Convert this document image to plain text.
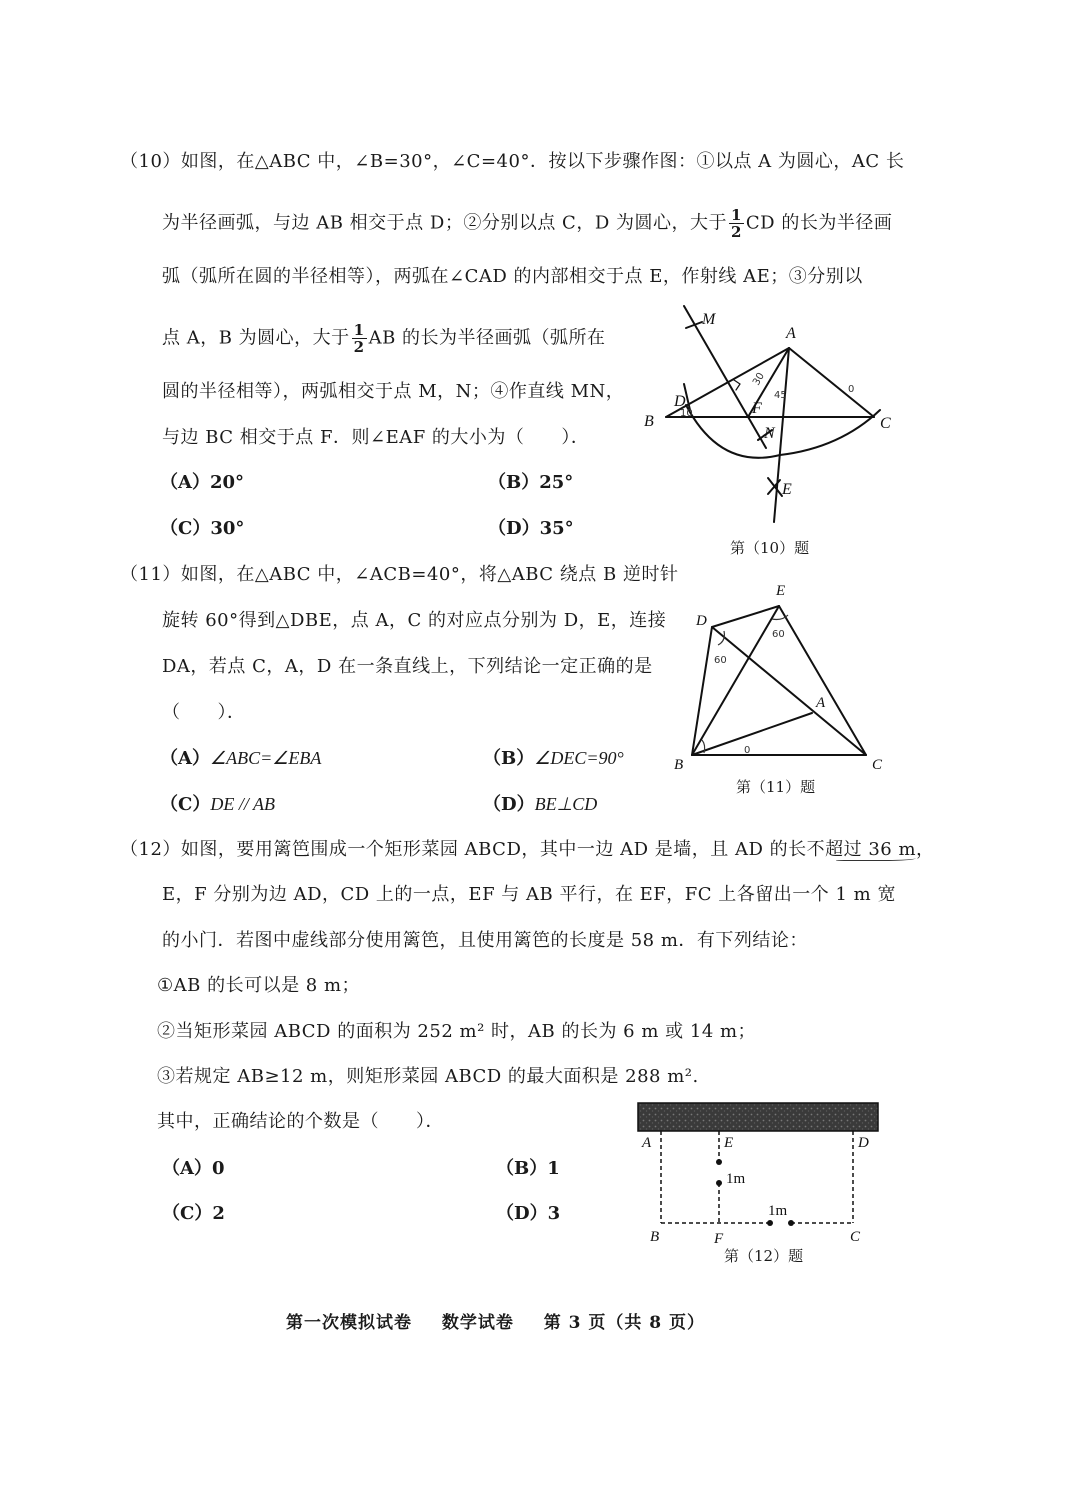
（10）如图，在△ABC 中，∠B=30°，∠C=40°．按以下步骤作图：①以点 A 为圆心，AC 长
为半径画弧，与边 AB 相交于点 D；②分别以点 C，D 为圆心，大于 $\frac{1}{2}$ CD 的长为半径画
弧（弧所在圆的半径相等），两弧在∠CAD 的内部相交于点 E，作射线 AE；③分别以
点 A，B 为圆心，大于 $\frac{1}{2}$ AB 的长为半径画弧（弧所在
圆的半径相等），两弧相交于点 M，N；④作直线 MN，
与边 BC 相交于点 F．则∠EAF 的大小为（　　）．
（A）20°	（B）25°
（C）30°	（D）35°
M
A
D
B
F
C
N
E
30
45
10
0
第（10）题
（11）如图，在△ABC 中，∠ACB=40°，将△ABC 绕点 B 逆时针
旋转 60°得到△DBE，点 A，C 的对应点分别为 D，E，连接
DA，若点 C，A，D 在一条直线上，下列结论一定正确的是
（　　）．
（A）∠ABC=∠EBA	（B）∠DEC=90°
（C）DE // AB	（D）BE⊥CD
E
D
A
B	C
60
60
0
第（11）题
（12）如图，要用篱笆围成一个矩形菜园 ABCD，其中一边 AD 是墙，且 AD 的长不超过 36 m，
E，F 分别为边 AD，CD 上的一点，EF 与 AB 平行，在 EF，FC 上各留出一个 1 m 宽
的小门．若图中虚线部分使用篱笆，且使用篱笆的长度是 58 m．有下列结论：
①AB 的长可以是 8 m；
②当矩形菜园 ABCD 的面积为 252 m² 时，AB 的长为 6 m 或 14 m；
③若规定 AB≥12 m，则矩形菜园 ABCD 的最大面积是 288 m².
其中，正确结论的个数是（　　）．
（A）0	（B）1
（C）2	（D）3
A	E	D
B	F	C
1m
1m
第（12）题
第一次模拟试卷 数学试卷 第 3 页（共 8 页）
